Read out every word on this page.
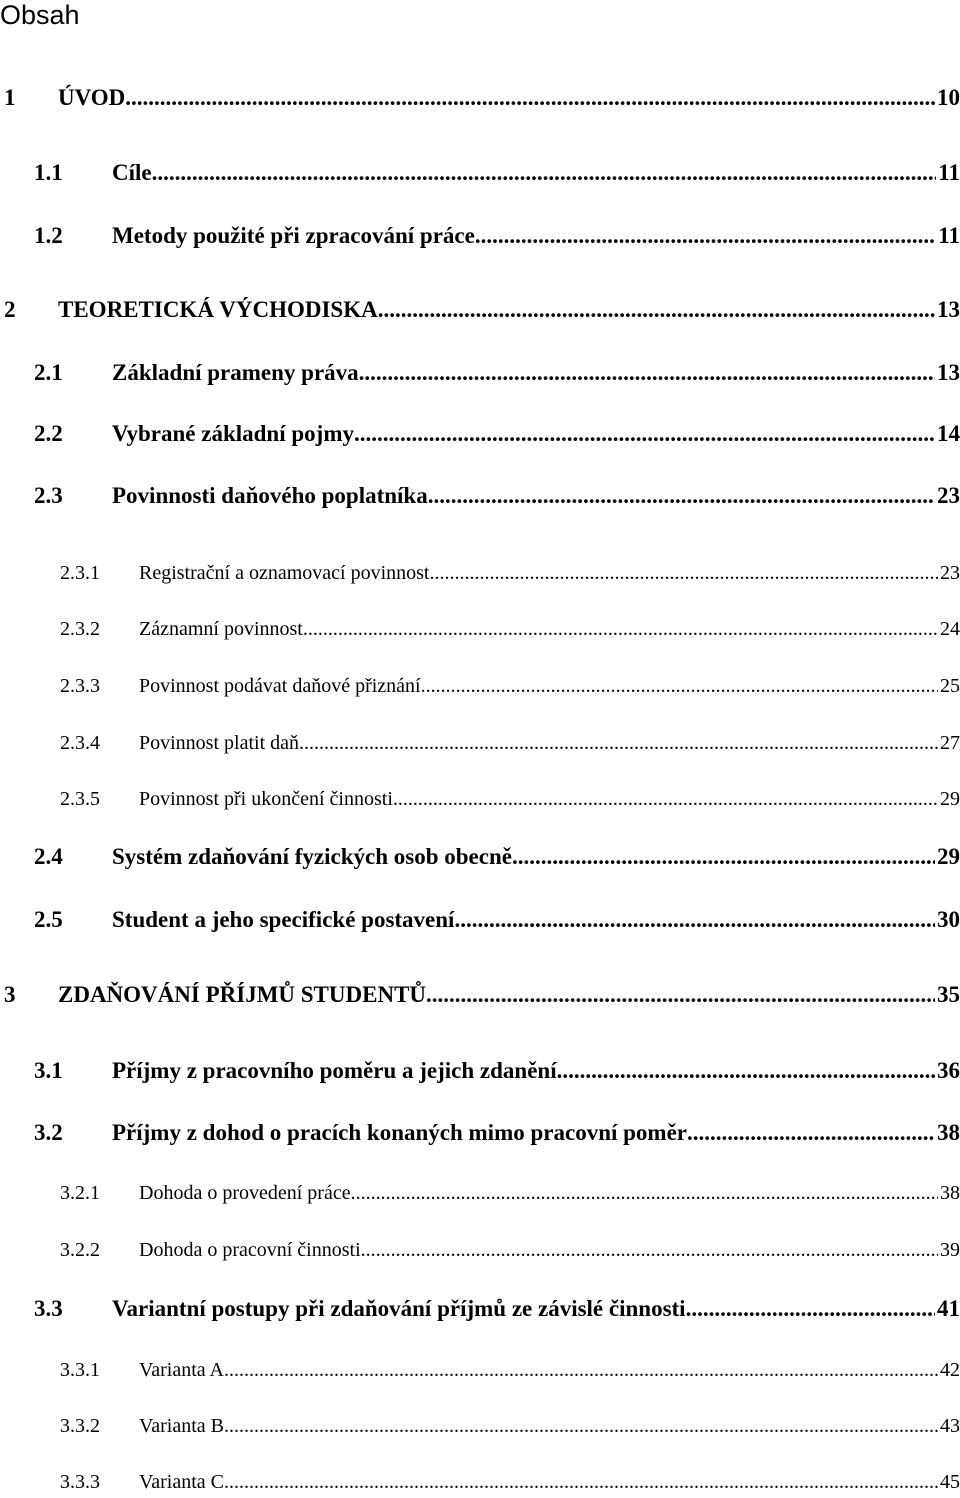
Obsah
1 ÚVOD .....	10
1.1 Cíle .....	11
1.2 Metody použité při zpracování práce .....	11
2 TEORETICKÁ VÝCHODISKA .....	13
2.1 Základní prameny práva .....	13
2.2 Vybrané základní pojmy .....	14
2.3 Povinnosti daňového poplatníka .....	23
2.3.1 Registrační a oznamovací povinnost .....	23
2.3.2 Záznamní povinnost .....	24
2.3.3 Povinnost podávat daňové přiznání .....	25
2.3.4 Povinnost platit daň .....	27
2.3.5 Povinnost při ukončení činnosti .....	29
2.4 Systém zdaňování fyzických osob obecně .....	29
2.5 Student a jeho specifické postavení .....	30
3 ZDAŇOVÁNÍ PŘÍJMŮ STUDENTŮ .....	35
3.1 Příjmy z pracovního poměru a jejich zdanění .....	36
3.2 Příjmy z dohod o pracích konaných mimo pracovní poměr .....	38
3.2.1 Dohoda o provedení práce .....	38
3.2.2 Dohoda o pracovní činnosti .....	39
3.3 Variantní postupy při zdaňování příjmů ze závislé činnosti .....	41
3.3.1 Varianta A .....	42
3.3.2 Varianta B .....	43
3.3.3 Varianta C .....	45
